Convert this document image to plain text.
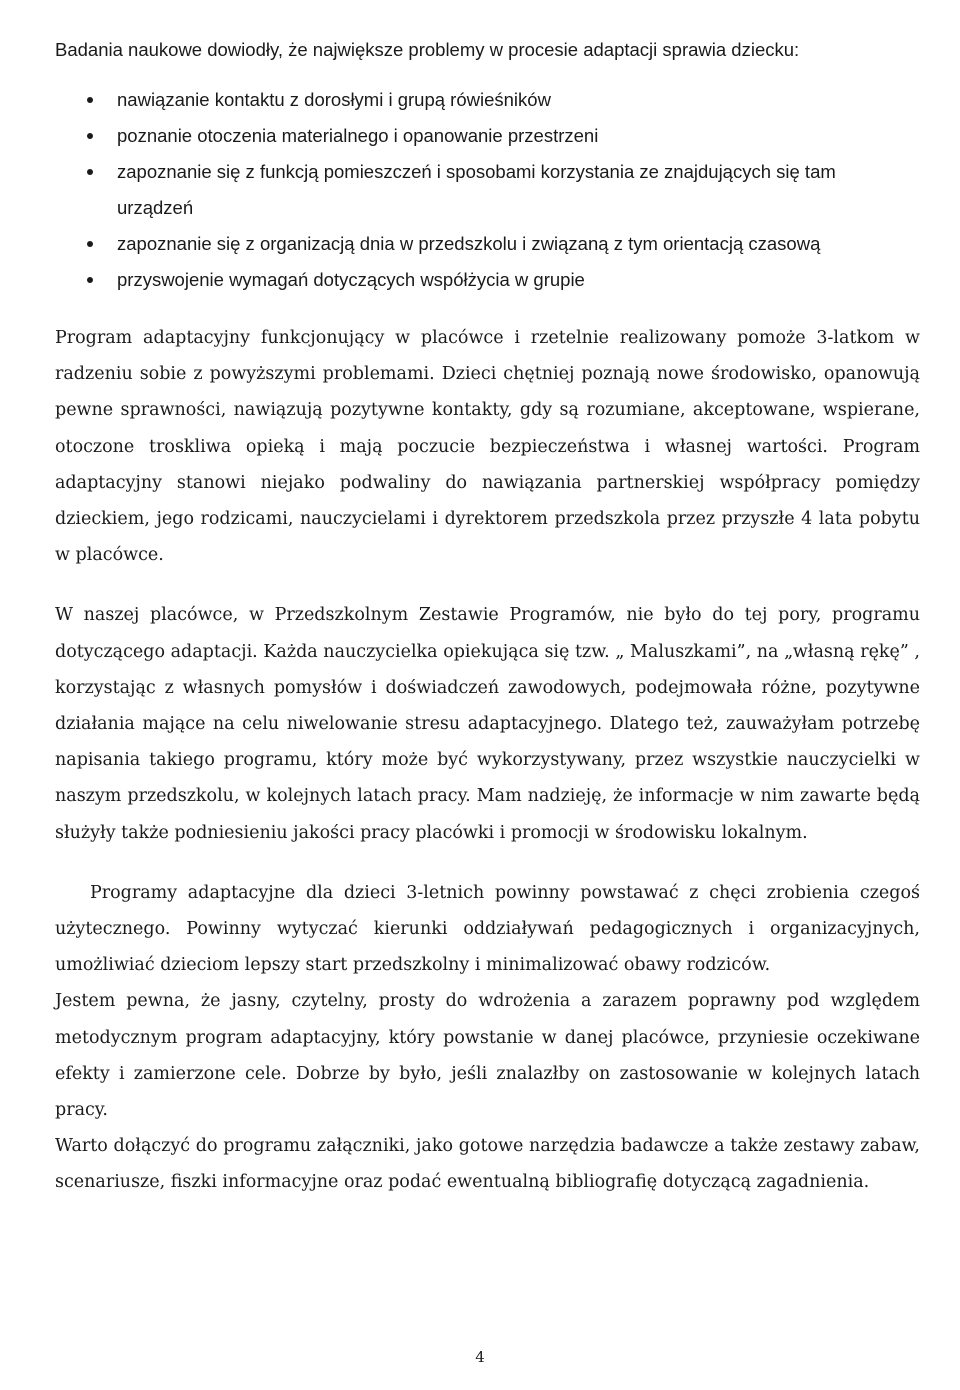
Badania naukowe dowiodły, że największe problemy w procesie adaptacji sprawia dziecku:

nawiązanie kontaktu z dorosłymi i grupą rówieśników
poznanie otoczenia materialnego i opanowanie przestrzeni
zapoznanie się z funkcją pomieszczeń i sposobami korzystania ze znajdujących się tam urządzeń
zapoznanie się z organizacją dnia w przedszkolu i związaną z tym orientacją czasową
przyswojenie wymagań dotyczących współżycia w grupie

Program adaptacyjny funkcjonujący w placówce i rzetelnie realizowany pomoże 3-latkom w radzeniu sobie z powyższymi problemami. Dzieci chętniej poznają nowe środowisko, opanowują pewne sprawności, nawiązują pozytywne kontakty, gdy są rozumiane, akceptowane, wspierane, otoczone troskliwa opieką i mają poczucie bezpieczeństwa i własnej wartości. Program adaptacyjny stanowi niejako podwaliny do nawiązania partnerskiej współpracy pomiędzy dzieckiem, jego rodzicami, nauczycielami i dyrektorem przedszkola przez przyszłe 4 lata pobytu w placówce.

W naszej placówce, w Przedszkolnym Zestawie Programów, nie było do tej pory, programu dotyczącego adaptacji. Każda nauczycielka opiekująca się tzw. „ Maluszkami”, na „własną rękę” , korzystając z własnych pomysłów i doświadczeń zawodowych, podejmowała różne, pozytywne działania mające na celu niwelowanie stresu adaptacyjnego. Dlatego też, zauważyłam potrzebę napisania takiego programu, który może być wykorzystywany, przez wszystkie nauczycielki w naszym przedszkolu, w kolejnych latach pracy. Mam nadzieję, że informacje w nim zawarte będą służyły także podniesieniu jakości pracy placówki i promocji w środowisku lokalnym.

Programy adaptacyjne dla dzieci 3-letnich powinny powstawać z chęci zrobienia czegoś użytecznego. Powinny wytyczać kierunki oddziaływań pedagogicznych i organizacyjnych, umożliwiać dzieciom lepszy start przedszkolny i minimalizować obawy rodziców.

Jestem pewna, że jasny, czytelny, prosty do wdrożenia a zarazem poprawny pod względem metodycznym program adaptacyjny, który powstanie w danej placówce, przyniesie oczekiwane efekty i zamierzone cele. Dobrze by było, jeśli znalazłby on zastosowanie w kolejnych latach pracy.

Warto dołączyć do programu załączniki, jako gotowe narzędzia badawcze a także zestawy zabaw, scenariusze, fiszki informacyjne oraz podać ewentualną bibliografię dotyczącą zagadnienia.

4
